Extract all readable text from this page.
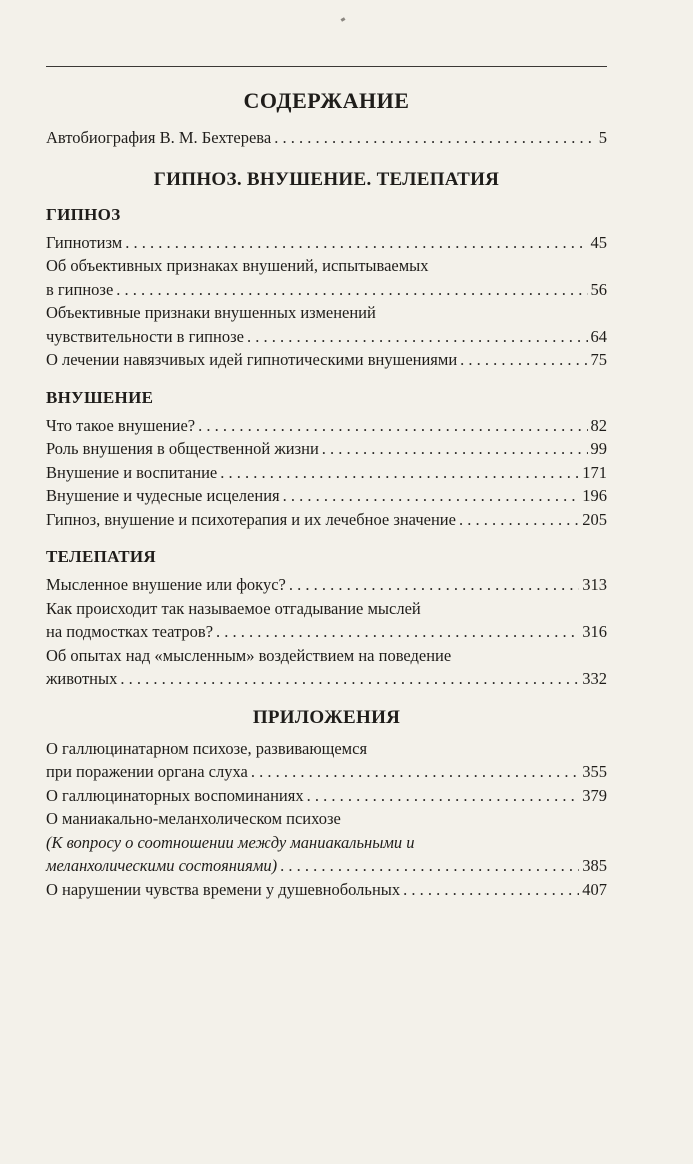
СОДЕРЖАНИЕ
Автобиография В. М. Бехтерева . . .	5
ГИПНОЗ. ВНУШЕНИЕ. ТЕЛЕПАТИЯ
ГИПНОЗ
Гипнотизм . . .	45
Об объективных признаках внушений, испытываемых
в гипнозе . . .	56
Объективные признаки внушенных изменений
чувствительности в гипнозе . . .	64
О лечении навязчивых идей гипнотическими внушениями . . .	75
ВНУШЕНИЕ
Что такое внушение? . . .	82
Роль внушения в общественной жизни . . .	99
Внушение и воспитание . . .	171
Внушение и чудесные исцеления . . .	196
Гипноз, внушение и психотерапия и их лечебное значение . . .	205
ТЕЛЕПАТИЯ
Мысленное внушение или фокус? . . .	313
Как происходит так называемое отгадывание мыслей
на подмостках театров? . . .	316
Об опытах над «мысленным» воздействием на поведение
животных . . .	332
ПРИЛОЖЕНИЯ
О галлюцинатарном психозе, развивающемся
при поражении органа слуха . . .	355
О галлюцинаторных воспоминаниях . . .	379
О маниакально-меланхолическом психозе
(К вопросу о соотношении между маниакальными и
меланхолическими состояниями) . . .	385
О нарушении чувства времени у душевнобольных . . .	407
